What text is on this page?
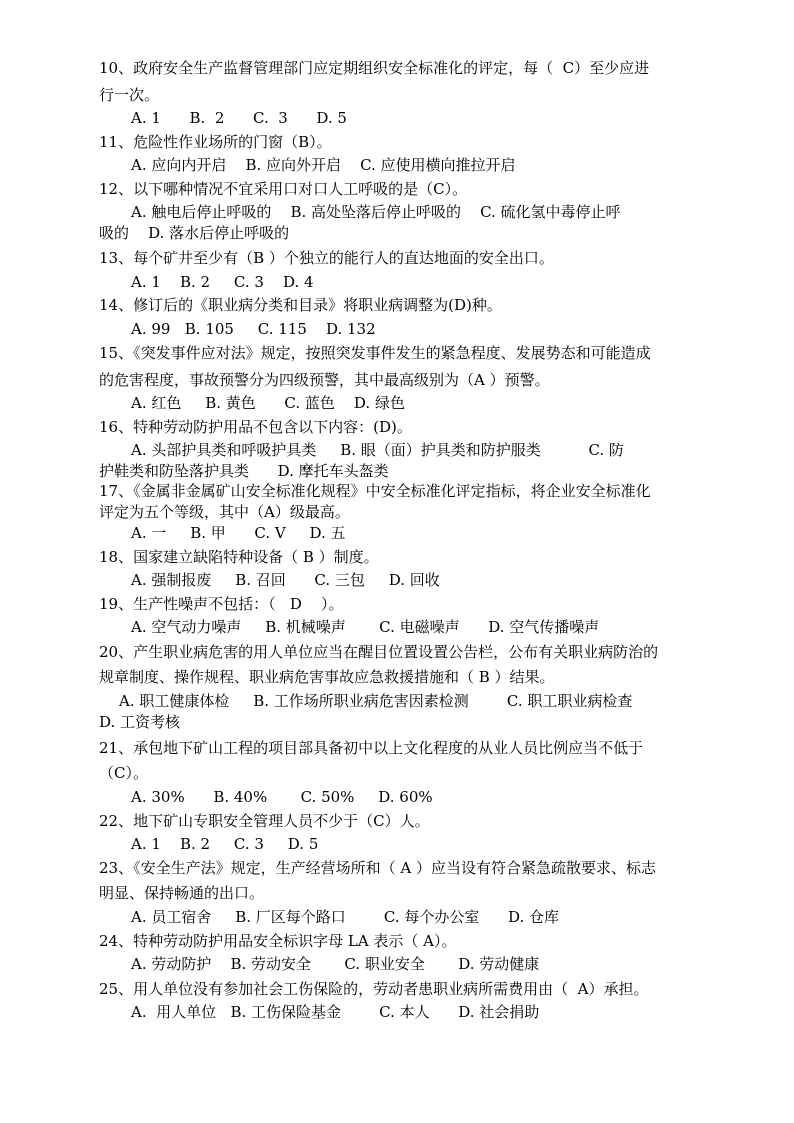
10、政府安全生产监督管理部门应定期组织安全标准化的评定，每（  C）至少应进
行一次。
A. 1      B.  2      C.  3      D. 5
11、危险性作业场所的门窗（B）。
A. 应向内开启    B. 应向外开启    C. 应使用横向推拉开启
12、以下哪种情况不宜采用口对口人工呼吸的是（C）。
A. 触电后停止呼吸的    B. 高处坠落后停止呼吸的    C. 硫化氢中毒停止呼
吸的    D. 落水后停止呼吸的
13、每个矿井至少有（B ）个独立的能行人的直达地面的安全出口。
A. 1    B. 2     C. 3    D. 4
14、修订后的《职业病分类和目录》将职业病调整为(D)种。
A. 99   B. 105     C. 115    D. 132
15、《突发事件应对法》规定，按照突发事件发生的紧急程度、发展势态和可能造成
的危害程度，事故预警分为四级预警，其中最高级别为（A ）预警。
A. 红色     B. 黄色      C. 蓝色    D. 绿色
16、特种劳动防护用品不包含以下内容：(D)。
A. 头部护具类和呼吸护具类     B. 眼（面）护具类和防护服类          C. 防
护鞋类和防坠落护具类      D. 摩托车头盔类
17、《金属非金属矿山安全标准化规程》中安全标准化评定指标，将企业安全标准化
评定为五个等级，其中（A）级最高。
A. 一     B. 甲      C. V     D. 五
18、国家建立缺陷特种设备（ B ）制度。
A. 强制报废     B. 召回      C. 三包     D. 回收
19、生产性噪声不包括：（   D    ）。
A. 空气动力噪声     B. 机械噪声       C. 电磁噪声      D. 空气传播噪声
20、产生职业病危害的用人单位应当在醒目位置设置公告栏，公布有关职业病防治的
规章制度、操作规程、职业病危害事故应急救援措施和（ B ）结果。
A. 职工健康体检     B. 工作场所职业病危害因素检测        C. 职工职业病检查
D. 工资考核
21、承包地下矿山工程的项目部具备初中以上文化程度的从业人员比例应当不低于
（C）。
A. 30%      B. 40%       C. 50%     D. 60%
22、地下矿山专职安全管理人员不少于（C）人。
A. 1    B. 2     C. 3     D. 5
23、《安全生产法》规定，生产经营场所和（ A ）应当设有符合紧急疏散要求、标志
明显、保持畅通的出口。
A. 员工宿舍     B. 厂区每个路口        C. 每个办公室      D. 仓库
24、特种劳动防护用品安全标识字母 LA 表示（ A）。
A. 劳动防护    B. 劳动安全       C. 职业安全       D. 劳动健康
25、用人单位没有参加社会工伤保险的，劳动者患职业病所需费用由（  A）承担。
A.  用人单位   B. 工伤保险基金        C. 本人      D. 社会捐助
